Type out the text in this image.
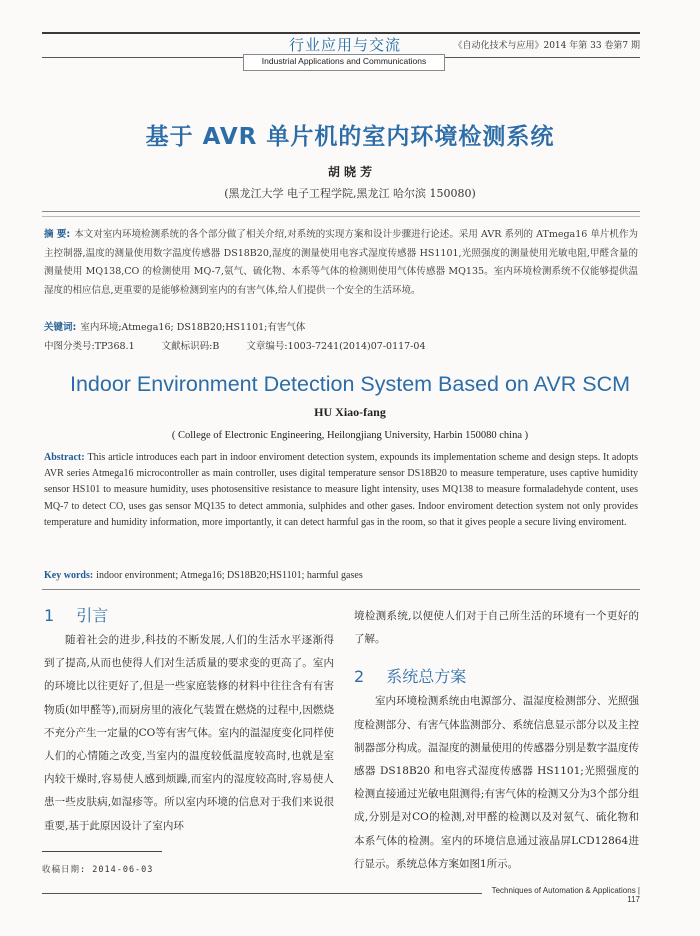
行业应用与交流	《自动化技术与应用》2014 年第 33 卷第7 期
Industrial Applications and Communications
基于 AVR 单片机的室内环境检测系统
胡 晓 芳
(黑龙江大学 电子工程学院,黑龙江 哈尔滨 150080)
摘 要: 本文对室内环境检测系统的各个部分做了相关介绍,对系统的实现方案和设计步骤进行论述。采用 AVR 系列的 ATmega16 单片机作为主控制器,温度的测量使用数字温度传感器 DS18B20,湿度的测量使用电容式湿度传感器 HS1101,光照强度的测量使用光敏电阻,甲醛含量的测量使用 MQ138,CO 的检测使用 MQ-7,氨气、硫化物、本系等气体的检测则使用气体传感器 MQ135。室内环境检测系统不仅能够提供温湿度的相应信息,更重要的是能够检测到室内的有害气体,给人们提供一个安全的生活环境。
关键词: 室内环境;Atmega16; DS18B20;HS1101;有害气体
中图分类号:TP368.1	文献标识码:B	文章编号:1003-7241(2014)07-0117-04
Indoor Environment Detection System Based on AVR SCM
HU Xiao-fang
( College of Electronic Engineering, Heilongjiang University, Harbin 150080 china )
Abstract: This article introduces each part in indoor enviroment detection system, expounds its implementation scheme and design steps. It adopts AVR series Atmega16 microcontroller as main controller, uses digital temperature sensor DS18B20 to measure temperature, uses captive humidity sensor HS101 to measure humidity, uses photosensitive resistance to measure light intensity, uses MQ138 to measure formaladehyde content, uses MQ-7 to detect CO, uses gas sensor MQ135 to detect ammonia, sulphides and other gases. Indoor enviroment detection system not only provides temperature and humidity information, more importantly, it can detect harmful gas in the room, so that it gives people a secure living enviroment.
Key words: indoor environment; Atmega16; DS18B20;HS1101; harmful gases
1 引言

随着社会的进步,科技的不断发展,人们的生活水平逐渐得到了提高,从而也使得人们对生活质量的要求变的更高了。室内的环境比以往更好了,但是一些家庭装修的材料中往往含有有害物质(如甲醛等),而厨房里的液化气装置在燃烧的过程中,因燃烧不充分产生一定量的CO等有害气体。室内的温湿度变化同样使人们的心情随之改变,当室内的温度较低温度较高时,也就是室内较干燥时,容易使人感到烦躁,而室内的湿度较高时,容易使人患一些皮肤病,如湿疹等。所以室内环境的信息对于我们来说很重要,基于此原因设计了室内环

收稿日期: 2014-06-03

境检测系统,以便使人们对于自己所生活的环境有一个更好的了解。

2 系统总方案

室内环境检测系统由电源部分、温湿度检测部分、光照强度检测部分、有害气体监测部分、系统信息显示部分以及主控制器部分构成。温湿度的测量使用的传感器分别是数字温度传感器 DS18B20 和电容式湿度传感器 HS1101;光照强度的检测直接通过光敏电阻测得;有害气体的检测又分为3个部分组成,分别是对CO的检测,对甲醛的检测以及对氨气、硫化物和本系气体的检测。室内的环境信息通过液晶屏LCD12864进行显示。系统总体方案如图1所示。

Techniques of Automation & Applications | 117
